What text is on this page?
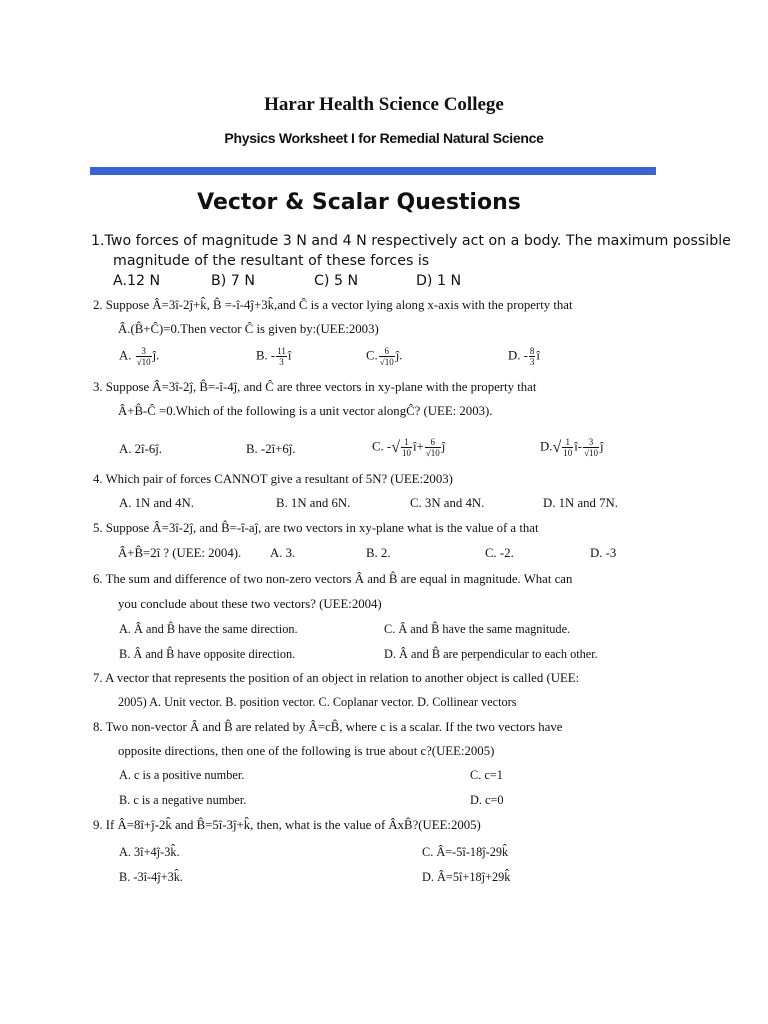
Harar Health Science College
Physics Worksheet I for Remedial Natural Science
Vector & Scalar Questions
1.Two forces of magnitude 3 N and 4 N respectively act on a body. The maximum possible
magnitude of the resultant of these forces is
A.12 N	B) 7 N	C) 5 N	D) 1 N
2. Suppose Â=3î-2ĵ+k̂, B̂ =-î-4ĵ+3k̂,and Ĉ is a vector lying along x-axis with the property that
Â.(B̂+Ĉ)=0.Then vector Ĉ is given by:(UEE:2003)
A. $\frac{3}{√10}$ ĵ.	B. - $\frac{11}{3}$ î	C. $\frac{6}{√10}$ ĵ.	D. - $\frac{8}{3}$ î
3. Suppose Â=3î-2ĵ, B̂=-î-4ĵ, and Ĉ are three vectors in xy-plane with the property that
Â+B̂-Ĉ =0.Which of the following is a unit vector alongĈ? (UEE: 2003).
A. 2î-6ĵ.	B. -2î+6ĵ.	C. -√ $\frac{1}{10}$ î+ $\frac{6}{√10}$ ĵ	$D.√ \frac{1}{10}$ î- $\frac{3}{√10}$ ĵ
4. Which pair of forces CANNOT give a resultant of 5N? (UEE:2003)
A. 1N and 4N.	B. 1N and 6N.	C. 3N and 4N.	D. 1N and 7N.
5. Suppose Â=3î-2ĵ, and B̂=-î-aĵ, are two vectors in xy-plane what is the value of a that
Â+B̂=2î ? (UEE: 2004). A. 3.	B. 2.	C. -2.	D. -3
6. The sum and difference of two non-zero vectors Â and B̂ are equal in magnitude. What can
you conclude about these two vectors? (UEE:2004)
A. Â and B̂ have the same direction.	C. Â and B̂ have the same magnitude.
B. Â and B̂ have opposite direction.	D. Â and B̂ are perpendicular to each other.
7. A vector that represents the position of an object in relation to another object is called (UEE:
2005) A. Unit vector. B. position vector. C. Coplanar vector. D. Collinear vectors
8. Two non-vector Â and B̂ are related by Â=cB̂, where c is a scalar. If the two vectors have
opposite directions, then one of the following is true about c?(UEE:2005)
A. c is a positive number.	C. c=1
B. c is a negative number.	D. c=0
9. If Â=8î+ĵ-2k̂ and B̂=5î-3ĵ+k̂, then, what is the value of ÂxB̂?(UEE:2005)
A. 3î+4ĵ-3k̂.	C. Â=-5î-18ĵ-29k̂
B. -3î-4ĵ+3k̂.	D. Â=5î+18ĵ+29k̂
